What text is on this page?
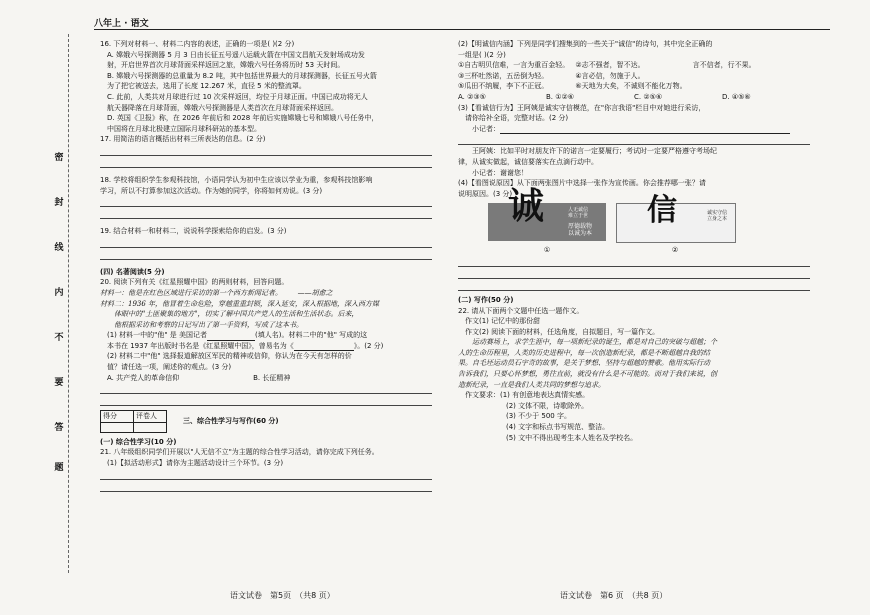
八年上 · 语文
密
封
线
内
不
要
答
题
16. 下列对材料一、材料二内容的表述，正确的一项是( )(2 分)
A. 嫦娥六号探测器 5 月 3 日由长征五号遥八运载火箭在中国文昌航天发射场成功发
射，开启世界首次月球背面采样返回之旅，嫦娥六号任务将历时 53 天时间。
B. 嫦娥六号探测器的总重量为 8.2 吨，其中包括世界最大的月球探测器，长征五号火箭
为了把它被送去，选用了长度 12.267 米，直径 5 米的整流罩。
C. 此前，人类共对月球进行过 10 次采样返回，均位于月球正面。中国已成功将无人
航天器降落在月球背面，嫦娥六号探测器是人类首次在月球背面采样返回。
D. 英国《卫报》称，在 2026 年前后和 2028 年前后实施嫦娥七号和嫦娥八号任务中，
中国将在月球北极建立国际月球科研站的基本型。
17. 用简洁的语言概括出材料三所表达的信息。(2 分)
18. 学校将组织学生参观科技馆，小语同学认为初中生应该以学业为重，参观科技馆影响
学习，所以不打算参加这次活动。作为她的同学，你将如何劝说。(3 分)
19. 结合材料一和材料二，说说科学探索给你的启发。(3 分)
(四) 名著阅读(5 分)
20. 阅读下列有关《红星照耀中国》的两则材料，回答问题。
材料一：他是在红色区域进行采访的第一个西方新闻记者。 ——胡愈之
材料二：1936 年，他冒着生命危险，穿越重重封锁，深入延安，深入根据地，深入西方媒
体眼中的"土匪聚集的地方"，切实了解中国共产党人的生活和生活状态。后来，
他根据采访和考察的日记写出了第一手资料，写成了这本书。
(1) 材料一中的"他" 是 美国记者	(填人名)。材料二中的"他" 写成的这
本书在 1937 年出版时书名是《红星照耀中国》，曾易名为《	》。(2 分)
(2) 材料二中"他" 选择报道解放区军民的精神或信仰，你认为在今天有怎样的价
值？请任选一项，阐述你的观点。(3 分)
A. 共产党人的革命信仰	B. 长征精神
得分	评卷人

三、综合性学习与写作(60 分)
(一) 综合性学习(10 分)
21. 八年级组织同学们开展以"人无信不立"为主题的综合性学习活动，请你完成下列任务。
(1)【拟活动形式】请你为主题活动设计三个环节。(3 分)
(2)【明诚信内涵】下列是同学们搜集到的一些关于"诚信"的诗句，其中完全正确的
一组是( )(2 分)
①自古明贝信难，一言为重百金轻。 ②志不强者，智不达。	言不信者，行不果。
③三杯吐然诺，五岳倒为轻。	④言必信，勿施于人。
⑤瓜田不纳履，李下不正冠。	⑥天地为大矣，不诚则不能化万物。
A. ②③⑤	B. ①②⑥	C. ②⑤⑥	D. ④⑤⑥
(3)【看诚信行为】王阿姨是诚实守信模范，在"你言我语"栏目中对她进行采访，
请你给补全语，完整对话。(2 分)
小记者：
王阿姨：比如平时对朋友许下的诺言一定要履行；考试时一定要严格遵守考场纪
律，从诚实做起，诚信要落实在点滴行动中。
小记者：谢谢您！
(4)【看图说原因】从下面两张图片中选择一张作为宣传画。你会推荐哪一张？请
说明原因。(3 分)
诚	人无诚信
难立于世
厚德载物
以诚为本
信	诚实守信
立身之本
①	②
(二) 写作(50 分)
22. 请从下面两个文题中任选一题作文。
作文(1) 记忆中的那份甜
作文(2) 阅读下面的材料，任选角度，自拟题目，写一篇作文。
运动赛场上，求学生涯中，每一项新纪录的诞生，都是对自己的突破与超越；个
人的生命历程里，人类的历史进程中，每一次创造新纪录，都是不断超越自我的结
果。自毛坯运动员石宇奇的故事，是关于梦想、坚持与超越的赞歌。他用实际行动
告诉我们，只要心怀梦想，勇往直前，就没有什么是不可能的。而对于我们来说，创
造新纪录，一直是我们人类共同的梦想与追求。
作文要求：(1) 有创意地表达真情实感。
(2) 文体不限，诗歌除外。
(3) 不少于 500 字。
(4) 文字和标点书写规范、整洁。
(5) 文中不得出现考生本人姓名及学校名。
语文试卷　第5页　（共8 页）	语文试卷　第6 页　（共8 页）
